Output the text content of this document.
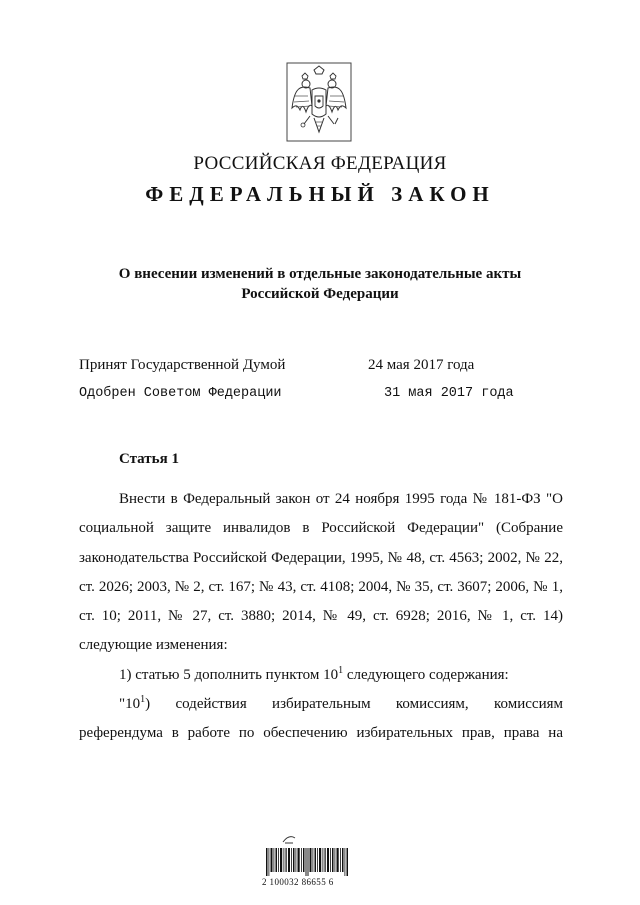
РОССИЙСКАЯ ФЕДЕРАЦИЯ
ФЕДЕРАЛЬНЫЙ ЗАКОН
О внесении изменений в отдельные законодательные акты
Российской Федерации
Принят Государственной Думой	24 мая 2017 года
Одобрен Советом Федерации	31 мая 2017 года
Статья 1

Внести в Федеральный закон от 24 ноября 1995 года № 181-ФЗ "О социальной защите инвалидов в Российской Федерации" (Собрание законодательства Российской Федерации, 1995, № 48, ст. 4563; 2002, № 22, ст. 2026; 2003, № 2, ст. 167; № 43, ст. 4108; 2004, № 35, ст. 3607; 2006, № 1, ст. 10; 2011, № 27, ст. 3880; 2014, № 49, ст. 6928; 2016, № 1, ст. 14) следующие изменения:

1) статью 5 дополнить пунктом $10^1$ следующего содержания:

"$10^1$) содействия избирательным комиссиям, комиссиям референдума в работе по обеспечению избирательных прав, права на

2 100032 86655 6
